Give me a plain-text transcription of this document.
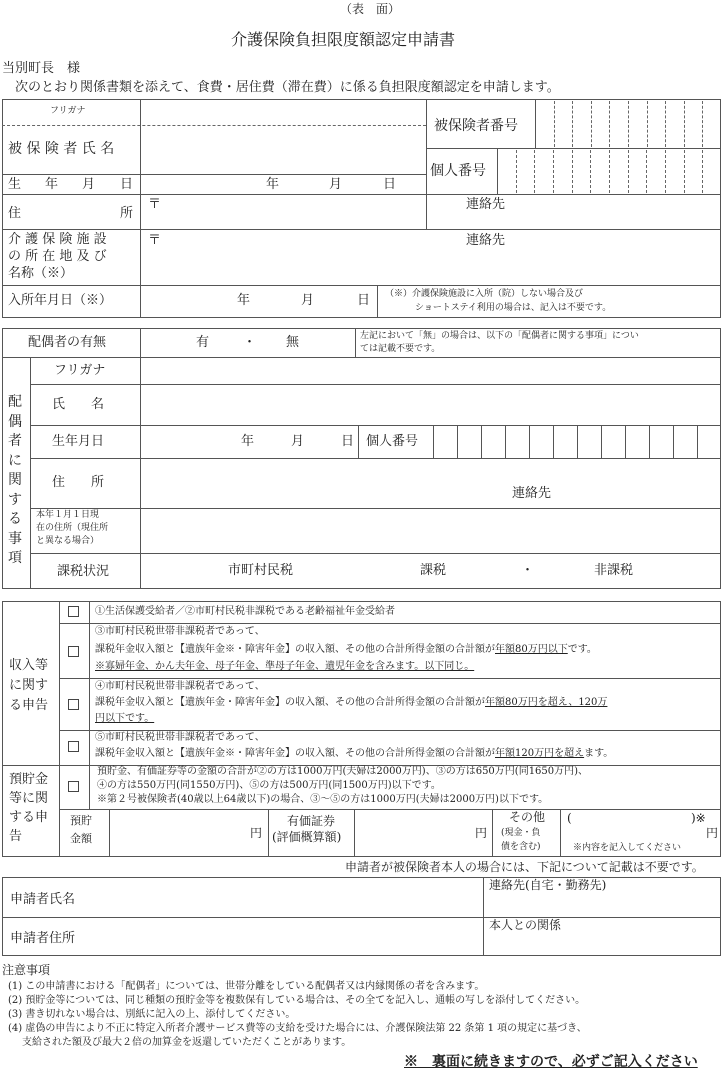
（表　面）
介護保険負担限度額認定申請書
当別町長　様
次のとおり関係書類を添えて、食費・居住費（滞在費）に係る負担限度額認定を申請します。
フリガナ
被 保 険 者 氏 名
被保険者番号
個人番号
生 年 月 日	年	月	日
住	所
〒	連絡先
介 護 保 険 施 設
の 所 在 地 及 び
名称（※）
〒	連絡先
入所年月日（※）	年	月	日 （※）介護保険施設に入所（院）しない場合及び
ショートステイ利用の場合は、記入は不要です。
配偶者の有無	有	・ 無	左記において「無」の場合は、以下の「配偶者に関する事項」につい
ては記載不要です。
配
偶
者
に
関
す
る
事
項
フリガナ
氏　　名
生年月日	年	月	日 個人番号
住　　所
連絡先
本年１月１日現
在の住所（現住所
と異なる場合）
課税状況	市町村民税	課税	・	非課税
収入等
に関す
る申告
①生活保護受給者／②市町村民税非課税である老齢福祉年金受給者
③市町村民税世帯非課税者であって、
課税年金収入額と【遺族年金※・障害年金】の収入額、その他の合計所得金額の合計額が年額80万円以下です。
※寡婦年金、かん夫年金、母子年金、準母子年金、遺児年金を含みます。以下同じ。
④市町村民税世帯非課税者であって、
課税年金収入額と【遺族年金・障害年金】の収入額、その他の合計所得金額の合計額が年額80万円を超え、120万
円以下です。
⑤市町村民税世帯非課税者であって、
課税年金収入額と【遺族年金※・障害年金】の収入額、その他の合計所得金額の合計額が年額120万円を超えます。
預貯金
等に関
する申
告
預貯金、有価証券等の金額の合計が②の方は1000万円(夫婦は2000万円)、③の方は650万円(同1650万円)、
④の方は550万円(同1550万円)、⑤の方は500万円(同1500万円)以下です。
※第２号被保険者(40歳以上64歳以下)の場合、③～⑤の方は1000万円(夫婦は2000万円)以下です。
預貯
金額	円
有価証券
(評価概算額)	円
その他
(現金・負
債を含む)
(	)※
円
※内容を記入してください
申請者が被保険者本人の場合には、下記について記載は不要です。
申請者氏名
連絡先(自宅・勤務先)
申請者住所
本人との関係
注意事項
(1) この申請書における「配偶者」については、世帯分離をしている配偶者又は内縁関係の者を含みます。
(2) 預貯金等については、同じ種類の預貯金等を複数保有している場合は、その全てを記入し、通帳の写しを添付してください。
(3) 書き切れない場合は、別紙に記入の上、添付してください。
(4) 虚偽の申告により不正に特定入所者介護サービス費等の支給を受けた場合には、介護保険法第 22 条第 1 項の規定に基づき、
支給された額及び最大２倍の加算金を返還していただくことがあります。
※　裏面に続きますので、必ずご記入ください
